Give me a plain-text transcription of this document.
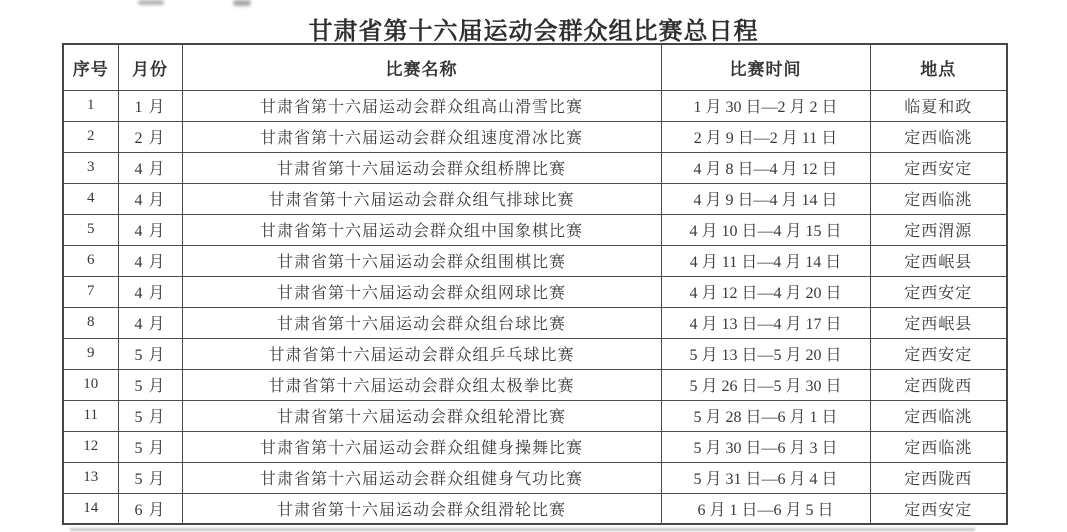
甘肃省第十六届运动会群众组比赛总日程
序号	月份	比赛名称	比赛时间	地点
1	1 月	甘肃省第十六届运动会群众组高山滑雪比赛	1 月 30 日—2 月 2 日	临夏和政
2	2 月	甘肃省第十六届运动会群众组速度滑冰比赛	2 月 9 日—2 月 11 日	定西临洮
3	4 月	甘肃省第十六届运动会群众组桥牌比赛	4 月 8 日—4 月 12 日	定西安定
4	4 月	甘肃省第十六届运动会群众组气排球比赛	4 月 9 日—4 月 14 日	定西临洮
5	4 月	甘肃省第十六届运动会群众组中国象棋比赛	4 月 10 日—4 月 15 日	定西渭源
6	4 月	甘肃省第十六届运动会群众组围棋比赛	4 月 11 日—4 月 14 日	定西岷县
7	4 月	甘肃省第十六届运动会群众组网球比赛	4 月 12 日—4 月 20 日	定西安定
8	4 月	甘肃省第十六届运动会群众组台球比赛	4 月 13 日—4 月 17 日	定西岷县
9	5 月	甘肃省第十六届运动会群众组乒乓球比赛	5 月 13 日—5 月 20 日	定西安定
10	5 月	甘肃省第十六届运动会群众组太极拳比赛	5 月 26 日—5 月 30 日	定西陇西
11	5 月	甘肃省第十六届运动会群众组轮滑比赛	5 月 28 日—6 月 1 日	定西临洮
12	5 月	甘肃省第十六届运动会群众组健身操舞比赛	5 月 30 日—6 月 3 日	定西临洮
13	5 月	甘肃省第十六届运动会群众组健身气功比赛	5 月 31 日—6 月 4 日	定西陇西
14	6 月	甘肃省第十六届运动会群众组滑轮比赛	6 月 1 日—6 月 5 日	定西安定
